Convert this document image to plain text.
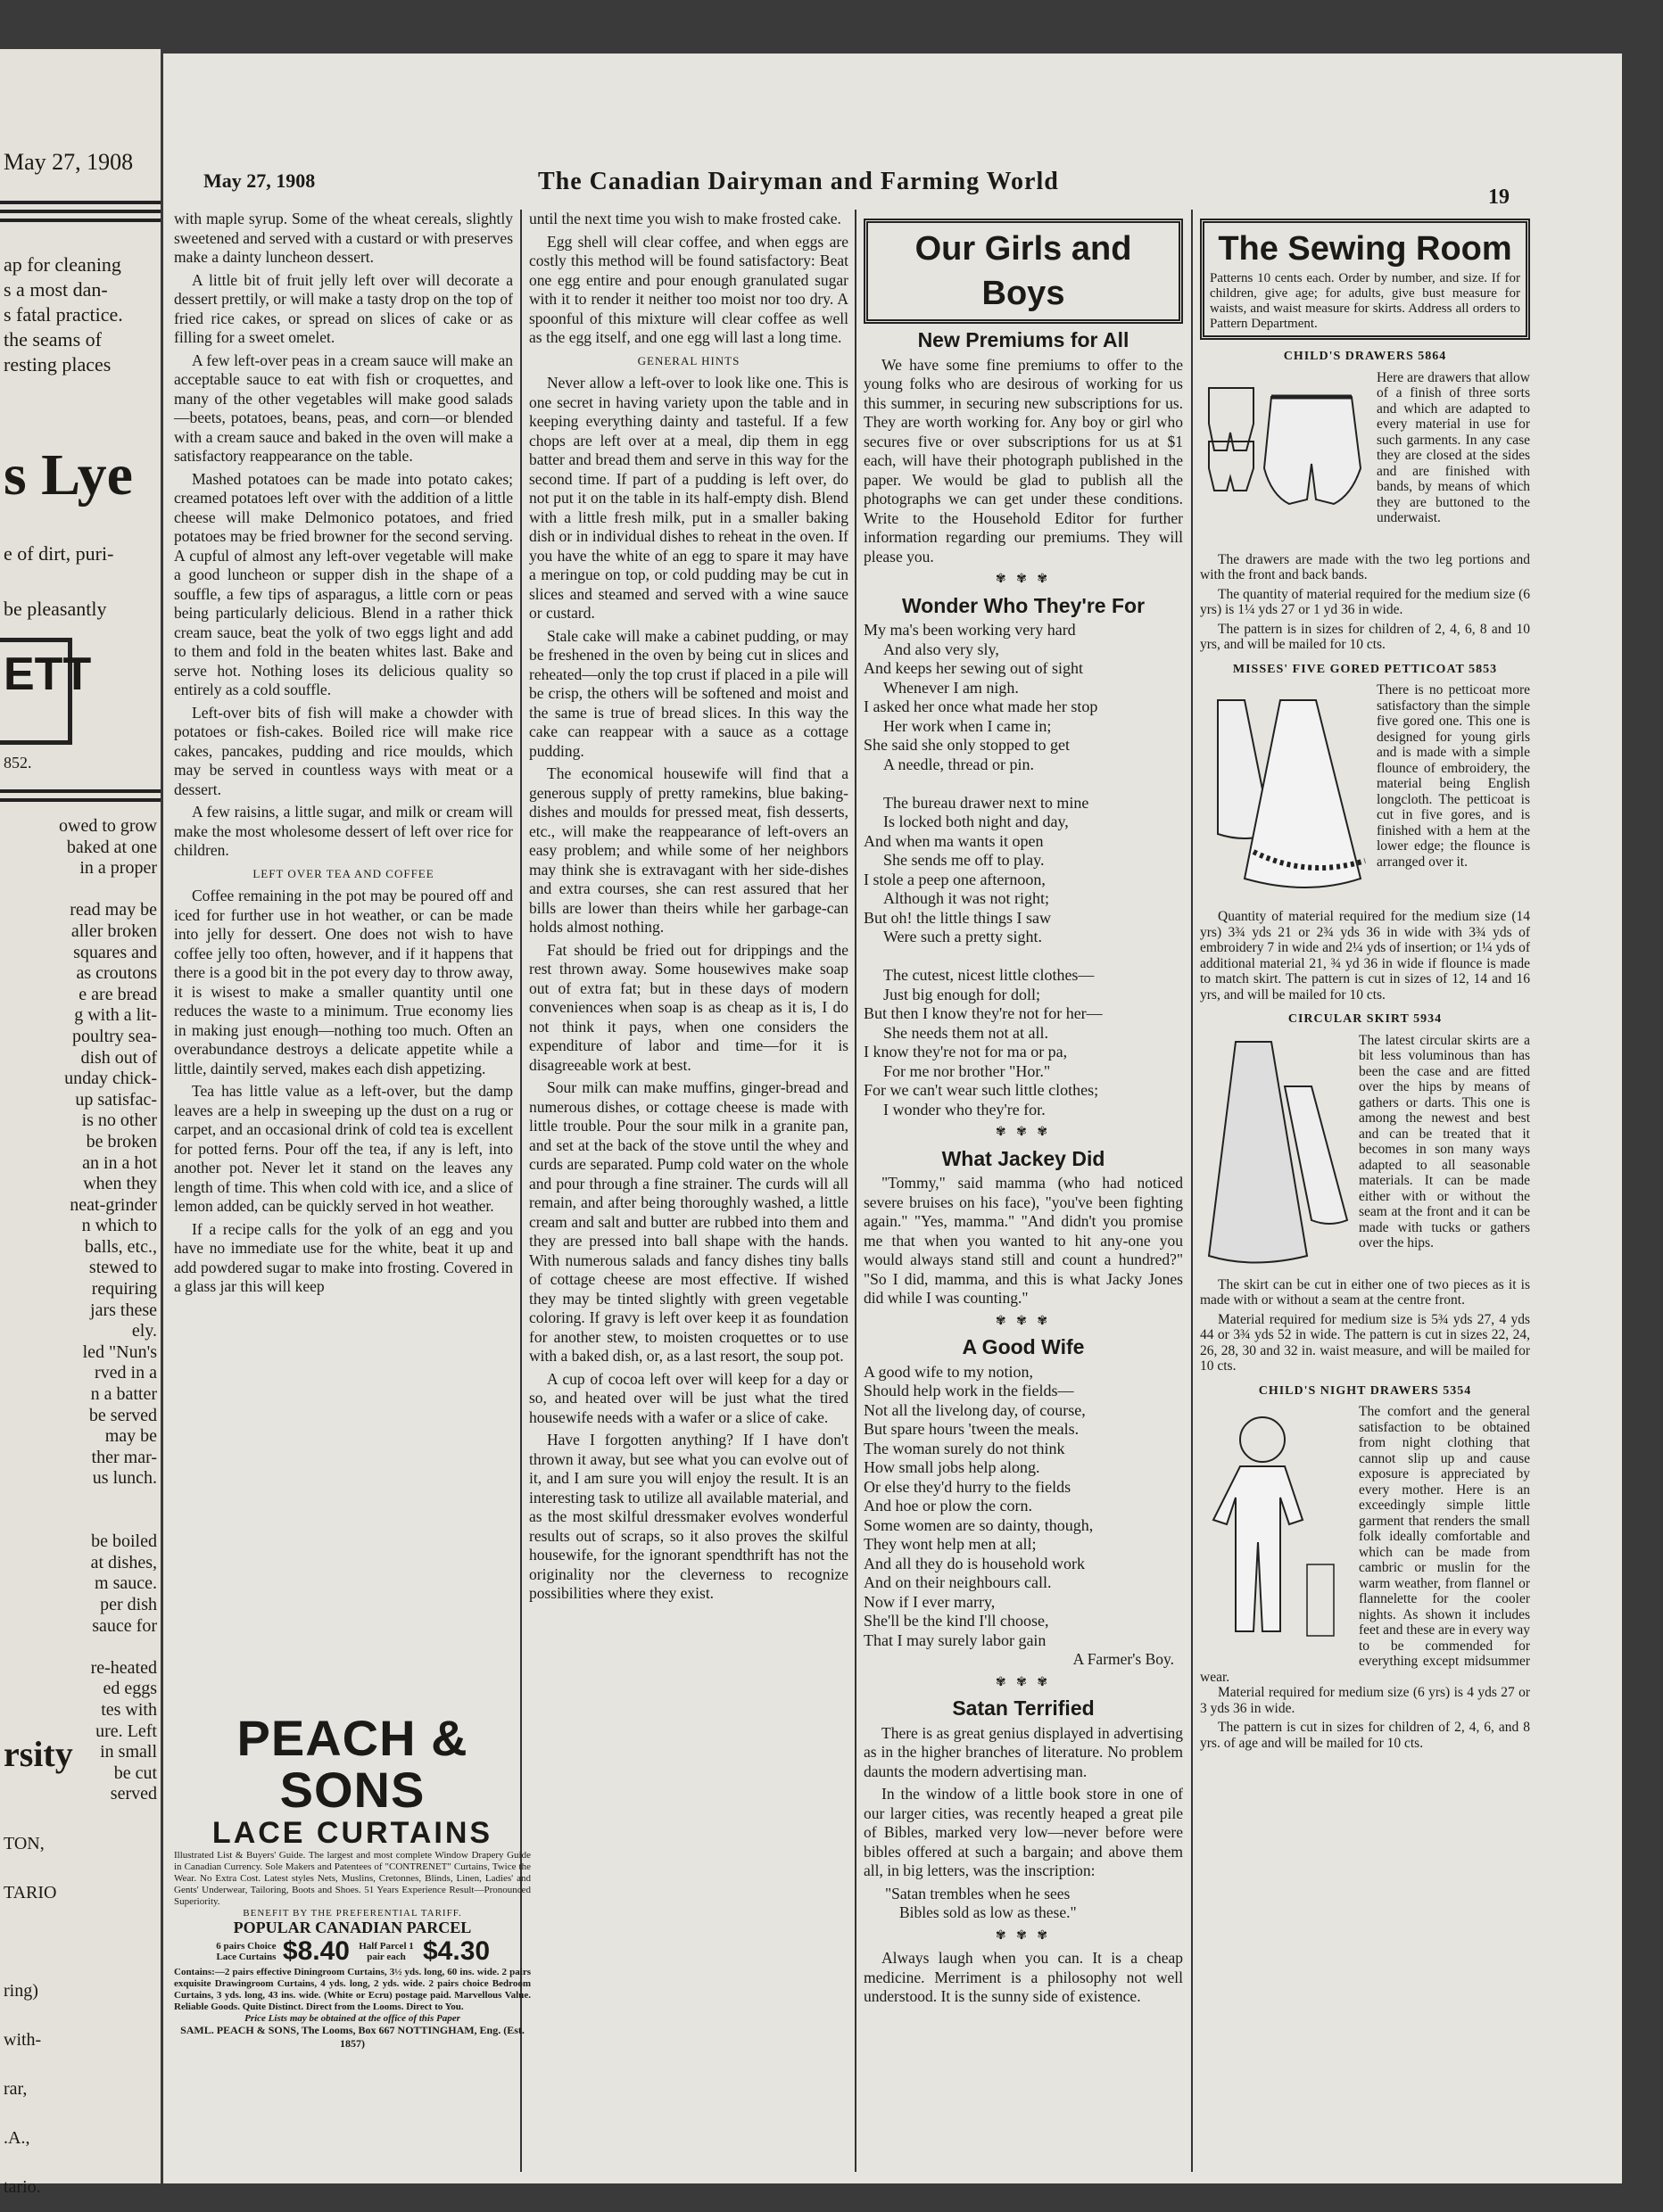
May 27, 1908
ap for cleaning
s a most dan-
s fatal practice.
the seams of
resting places
s Lye
e of dirt, puri-
be pleasantly
ETT
852.
owed to grow
baked at one
in a proper

read may be
aller broken
squares and
as croutons
e are bread
g with a lit-
poultry sea-
dish out of
unday chick-
up satisfac-
is no other
be broken
an in a hot
when they
neat-grinder
n which to
balls, etc.,
stewed to
requiring
jars these
ely.
led "Nun's
rved in a
n a batter
be served
may be
ther mar-
us lunch.

be boiled
at dishes,
m sauce.
per dish
sauce for

re-heated
ed eggs
tes with
ure. Left
in small
be cut
served
rsity
TON,
TARIO

ring)
with-
rar,
.A.,
tario.
May 27, 1908	The Canadian Dairyman and Farming World
19

with maple syrup. Some of the wheat cereals, slightly sweetened and served with a custard or with preserves make a dainty luncheon dessert.

A little bit of fruit jelly left over will decorate a dessert prettily, or will make a tasty drop on the top of fried rice cakes, or spread on slices of cake or as filling for a sweet omelet.

A few left-over peas in a cream sauce will make an acceptable sauce to eat with fish or croquettes, and many of the other vegetables will make good salads—beets, potatoes, beans, peas, and corn—or blended with a cream sauce and baked in the oven will make a satisfactory reappearance on the table.

Mashed potatoes can be made into potato cakes; creamed potatoes left over with the addition of a little cheese will make Delmonico potatoes, and fried potatoes may be fried browner for the second serving. A cupful of almost any left-over vegetable will make a good luncheon or supper dish in the shape of a souffle, a few tips of asparagus, a little corn or peas being particularly delicious. Blend in a rather thick cream sauce, beat the yolk of two eggs light and add to them and fold in the beaten whites last. Bake and serve hot. Nothing loses its delicious quality so entirely as a cold souffle.

Left-over bits of fish will make a chowder with potatoes or fish-cakes. Boiled rice will make rice cakes, pancakes, pudding and rice moulds, which may be served in countless ways with meat or a dessert.

A few raisins, a little sugar, and milk or cream will make the most wholesome dessert of left over rice for children.

LEFT OVER TEA AND COFFEE

Coffee remaining in the pot may be poured off and iced for further use in hot weather, or can be made into jelly for dessert. One does not wish to have coffee jelly too often, however, and if it happens that there is a good bit in the pot every day to throw away, it is wisest to make a smaller quantity until one reduces the waste to a minimum. True economy lies in making just enough—nothing too much. Often an overabundance destroys a delicate appetite while a little, daintily served, makes each dish appetizing.

Tea has little value as a left-over, but the damp leaves are a help in sweeping up the dust on a rug or carpet, and an occasional drink of cold tea is excellent for potted ferns. Pour off the tea, if any is left, into another pot. Never let it stand on the leaves any length of time. This when cold with ice, and a slice of lemon added, can be quickly served in hot weather.

If a recipe calls for the yolk of an egg and you have no immediate use for the white, beat it up and add powdered sugar to make into frosting. Covered in a glass jar this will keep

PEACH & SONS
LACE CURTAINS
Illustrated List & Buyers' Guide. The largest and most complete Window Drapery Guide in Canadian Currency. Sole Makers and Patentees of "CONTRENET" Curtains, Twice the Wear. No Extra Cost. Latest styles Nets, Muslins, Cretonnes, Blinds, Linen, Ladies' and Gents' Underwear, Tailoring, Boots and Shoes. 51 Years Experience Result—Pronounced Superiority.
BENEFIT BY THE PREFERENTIAL TARIFF.
POPULAR CANADIAN PARCEL
6 pairs Choice Lace Curtains $8.40 Half Parcel 1 pair each $4.30
Contains:—2 pairs effective Diningroom Curtains, 3½ yds. long, 60 ins. wide. 2 pairs exquisite Drawingroom Curtains, 4 yds. long, 2 yds. wide. 2 pairs choice Bedroom Curtains, 3 yds. long, 43 ins. wide. (White or Ecru) postage paid. Marvellous Value. Reliable Goods. Quite Distinct. Direct from the Looms. Direct to You.
Price Lists may be obtained at the office of this Paper
SAML. PEACH & SONS, The Looms, Box 667 NOTTINGHAM, Eng. (Est. 1857)

until the next time you wish to make frosted cake.

Egg shell will clear coffee, and when eggs are costly this method will be found satisfactory: Beat one egg entire and pour enough granulated sugar with it to render it neither too moist nor too dry. A spoonful of this mixture will clear coffee as well as the egg itself, and one egg will last a long time.

GENERAL HINTS

Never allow a left-over to look like one. This is one secret in having variety upon the table and in keeping everything dainty and tasteful. If a few chops are left over at a meal, dip them in egg batter and bread them and serve in this way for the second time. If part of a pudding is left over, do not put it on the table in its half-empty dish. Blend with a little fresh milk, put in a smaller baking dish or in individual dishes to reheat in the oven. If you have the white of an egg to spare it may have a meringue on top, or cold pudding may be cut in slices and steamed and served with a wine sauce or custard.

Stale cake will make a cabinet pudding, or may be freshened in the oven by being cut in slices and reheated—only the top crust if placed in a pile will be crisp, the others will be softened and moist and the same is true of bread slices. In this way the cake can reappear with a sauce as a cottage pudding.

The economical housewife will find that a generous supply of pretty ramekins, blue baking-dishes and moulds for pressed meat, fish desserts, etc., will make the reappearance of left-overs an easy problem; and while some of her neighbors may think she is extravagant with her side-dishes and extra courses, she can rest assured that her bills are lower than theirs while her garbage-can holds almost nothing.

Fat should be fried out for drippings and the rest thrown away. Some housewives make soap out of extra fat; but in these days of modern conveniences when soap is as cheap as it is, I do not think it pays, when one considers the expenditure of labor and time—for it is disagreeable work at best.

Sour milk can make muffins, ginger-bread and numerous dishes, or cottage cheese is made with little trouble. Pour the sour milk in a granite pan, and set at the back of the stove until the whey and curds are separated. Pump cold water on the whole and pour through a fine strainer. The curds will all remain, and after being thoroughly washed, a little cream and salt and butter are rubbed into them and they are pressed into ball shape with the hands. With numerous salads and fancy dishes tiny balls of cottage cheese are most effective. If wished they may be tinted slightly with green vegetable coloring. If gravy is left over keep it as foundation for another stew, to moisten croquettes or to use with a baked dish, or, as a last resort, the soup pot.

A cup of cocoa left over will keep for a day or so, and heated over will be just what the tired housewife needs with a wafer or a slice of cake.

Have I forgotten anything? If I have don't thrown it away, but see what you can evolve out of it, and I am sure you will enjoy the result. It is an interesting task to utilize all available material, and as the most skilful dressmaker evolves wonderful results out of scraps, so it also proves the skilful housewife, for the ignorant spendthrift has not the originality nor the cleverness to recognize possibilities where they exist.

Our Girls and Boys
New Premiums for All

We have some fine premiums to offer to the young folks who are desirous of working for us this summer, in securing new subscriptions for us. They are worth working for. Any boy or girl who secures five or over subscriptions for us at $1 each, will have their photograph published in the paper. We would be glad to publish all the photographs we can get under these conditions. Write to the Household Editor for further information regarding our premiums. They will please you.

✾ ✾ ✾
Wonder Who They're For
My ma's been working very hard
And also very sly,
And keeps her sewing out of sight
Whenever I am nigh.
I asked her once what made her stop
Her work when I came in;
She said she only stopped to get
A needle, thread or pin.

The bureau drawer next to mine
Is locked both night and day,
And when ma wants it open
She sends me off to play.
I stole a peep one afternoon,
Although it was not right;
But oh! the little things I saw
Were such a pretty sight.

The cutest, nicest little clothes—
Just big enough for doll;
But then I know they're not for her—
She needs them not at all.
I know they're not for ma or pa,
For me nor brother "Hor."
For we can't wear such little clothes;
I wonder who they're for.
✾ ✾ ✾
What Jackey Did

"Tommy," said mamma (who had noticed severe bruises on his face), "you've been fighting again." "Yes, mamma." "And didn't you promise me that when you wanted to hit any-one you would always stand still and count a hundred?" "So I did, mamma, and this is what Jacky Jones did while I was counting."

✾ ✾ ✾
A Good Wife
A good wife to my notion,
Should help work in the fields—
Not all the livelong day, of course,
But spare hours 'tween the meals.
The woman surely do not think
How small jobs help along.
Or else they'd hurry to the fields
And hoe or plow the corn.
Some women are so dainty, though,
They wont help men at all;
And all they do is household work
And on their neighbours call.
Now if I ever marry,
She'll be the kind I'll choose,
That I may surely labor gain
A Farmer's Boy.
✾ ✾ ✾
Satan Terrified

There is as great genius displayed in advertising as in the higher branches of literature. No problem daunts the modern advertising man.

In the window of a little book store in one of our larger cities, was recently heaped a great pile of Bibles, marked very low—never before were bibles offered at such a bargain; and above them all, in big letters, was the inscription:

"Satan trembles when he sees
Bibles sold as low as these."
✾ ✾ ✾

Always laugh when you can. It is a cheap medicine. Merriment is a philosophy not well understood. It is the sunny side of existence.

The Sewing Room
Patterns 10 cents each. Order by number, and size. If for children, give age; for adults, give bust measure for waists, and waist measure for skirts. Address all orders to Pattern Department.
CHILD'S DRAWERS 5864
Here are drawers that allow of a finish of three sorts and which are adapted to every material in use for such garments. In any case they are closed at the sides and are finished with bands, by means of which they are buttoned to the underwaist.

The drawers are made with the two leg portions and with the front and back bands.

The quantity of material required for the medium size (6 yrs) is 1¼ yds 27 or 1 yd 36 in wide.

The pattern is in sizes for children of 2, 4, 6, 8 and 10 yrs, and will be mailed for 10 cts.

MISSES' FIVE GORED PETTICOAT 5853
There is no petticoat more satisfactory than the simple five gored one. This one is designed for young girls and is made with a simple flounce of embroidery, the material being English longcloth. The petticoat is cut in five gores, and is finished with a hem at the lower edge; the flounce is arranged over it.

Quantity of material required for the medium size (14 yrs) 3¾ yds 21 or 2¾ yds 36 in wide with 3¾ yds of embroidery 7 in wide and 2¼ yds of insertion; or 1¼ yds of additional material 21, ¾ yd 36 in wide if flounce is made to match skirt. The pattern is cut in sizes of 12, 14 and 16 yrs, and will be mailed for 10 cts.

CIRCULAR SKIRT 5934
The latest circular skirts are a bit less voluminous than has been the case and are fitted over the hips by means of gathers or darts. This one is among the newest and best and can be treated that it becomes in son many ways adapted to all seasonable materials. It can be made either with or without the seam at the front and it can be made with tucks or gathers over the hips.

The skirt can be cut in either one of two pieces as it is made with or without a seam at the centre front.

Material required for medium size is 5¾ yds 27, 4 yds 44 or 3¾ yds 52 in wide. The pattern is cut in sizes 22, 24, 26, 28, 30 and 32 in. waist measure, and will be mailed for 10 cts.

CHILD'S NIGHT DRAWERS 5354
The comfort and the general satisfaction to be obtained from night clothing that cannot slip up and cause exposure is appreciated by every mother. Here is an exceedingly simple little garment that renders the small folk ideally comfortable and which can be made from cambric or muslin for the warm weather, from flannel or flannelette for the cooler nights. As shown it includes feet and these are in every way to be commended for everything except midsummer wear.

Material required for medium size (6 yrs) is 4 yds 27 or 3 yds 36 in wide.

The pattern is cut in sizes for children of 2, 4, 6, and 8 yrs. of age and will be mailed for 10 cts.
